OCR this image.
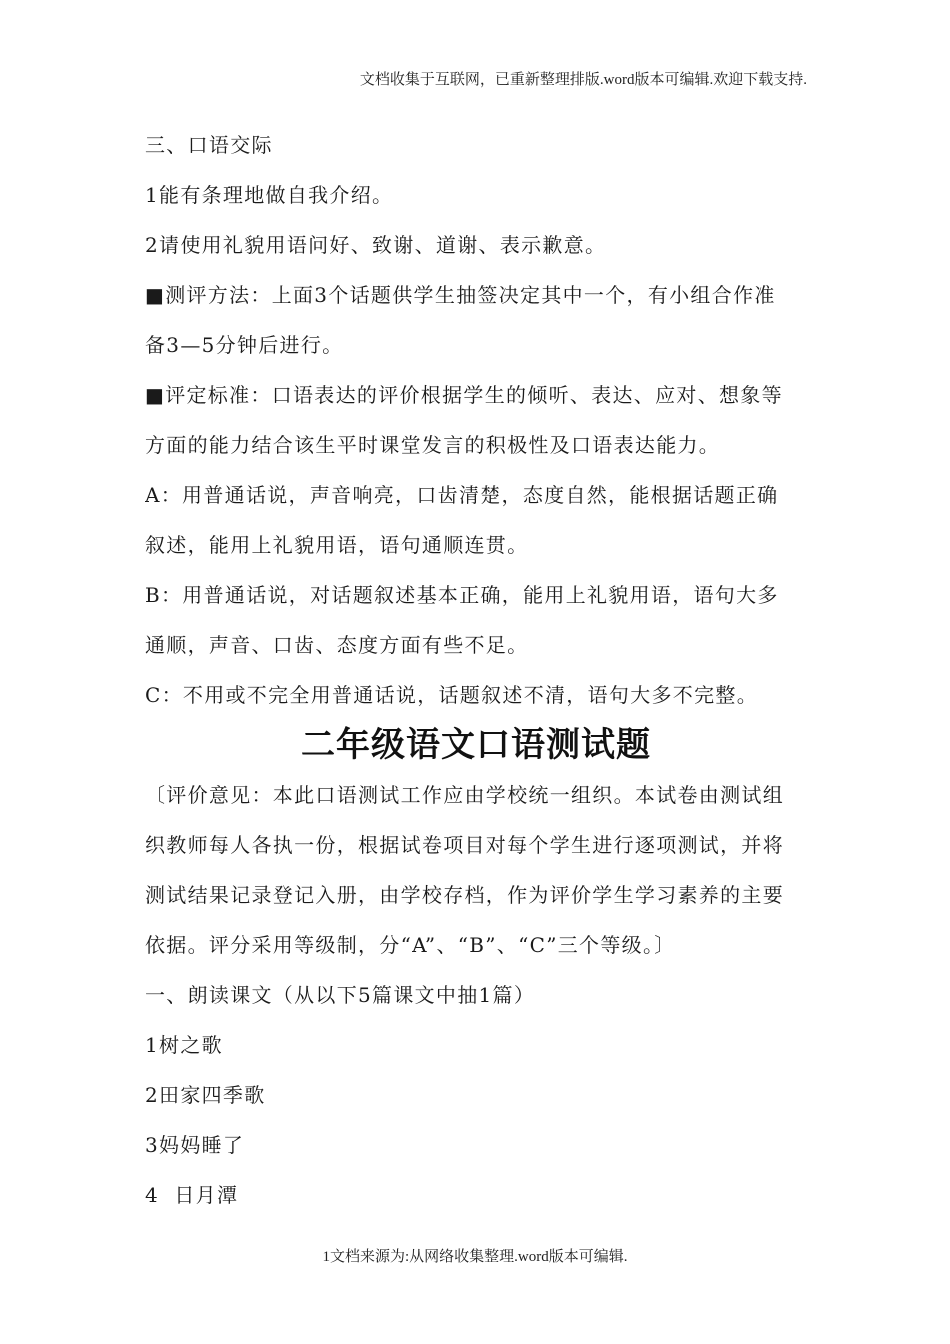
文档收集于互联网，已重新整理排版.word版本可编辑.欢迎下载支持.
三、口语交际
1能有条理地做自我介绍。
2请使用礼貌用语问好、致谢、道谢、表示歉意。
■测评方法：上面3个话题供学生抽签决定其中一个，有小组合作准
备3—5分钟后进行。
■评定标准：口语表达的评价根据学生的倾听、表达、应对、想象等
方面的能力结合该生平时课堂发言的积极性及口语表达能力。
A：用普通话说，声音响亮，口齿清楚，态度自然，能根据话题正确
叙述，能用上礼貌用语，语句通顺连贯。
B：用普通话说，对话题叙述基本正确，能用上礼貌用语，语句大多
通顺，声音、口齿、态度方面有些不足。
C：不用或不完全用普通话说，话题叙述不清，语句大多不完整。
二年级语文口语测试题
〔评价意见：本此口语测试工作应由学校统一组织。本试卷由测试组
织教师每人各执一份，根据试卷项目对每个学生进行逐项测试，并将
测试结果记录登记入册，由学校存档，作为评价学生学习素养的主要
依据。评分采用等级制，分“A”、“B”、“C”三个等级。〕
一、朗读课文（从以下5篇课文中抽1篇）
1树之歌
2田家四季歌
3妈妈睡了
4  日月潭
1文档来源为:从网络收集整理.word版本可编辑.
